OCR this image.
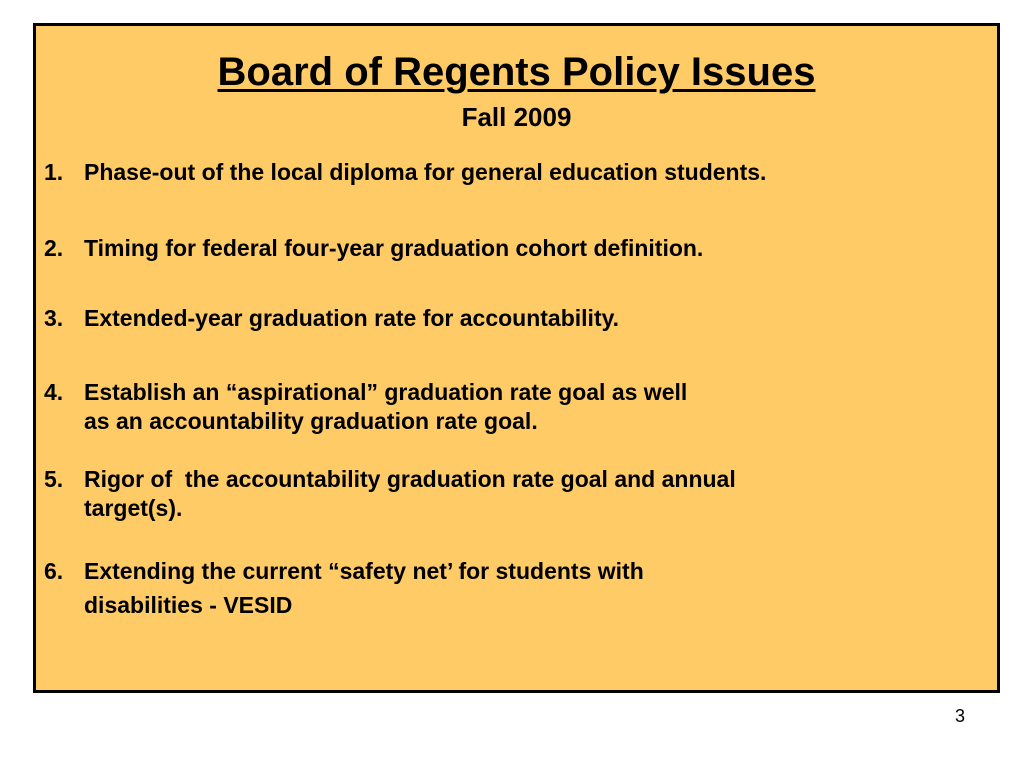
Board of Regents Policy Issues
Fall 2009
1. Phase-out of the local diploma for general education students.
2. Timing for federal four-year graduation cohort definition.
3. Extended-year graduation rate for accountability.
4. Establish an “aspirational” graduation rate goal as well
as an accountability graduation rate goal.
5. Rigor of  the accountability graduation rate goal and annual
target(s).
6. Extending the current “safety net’ for students with
disabilities - VESID
3
